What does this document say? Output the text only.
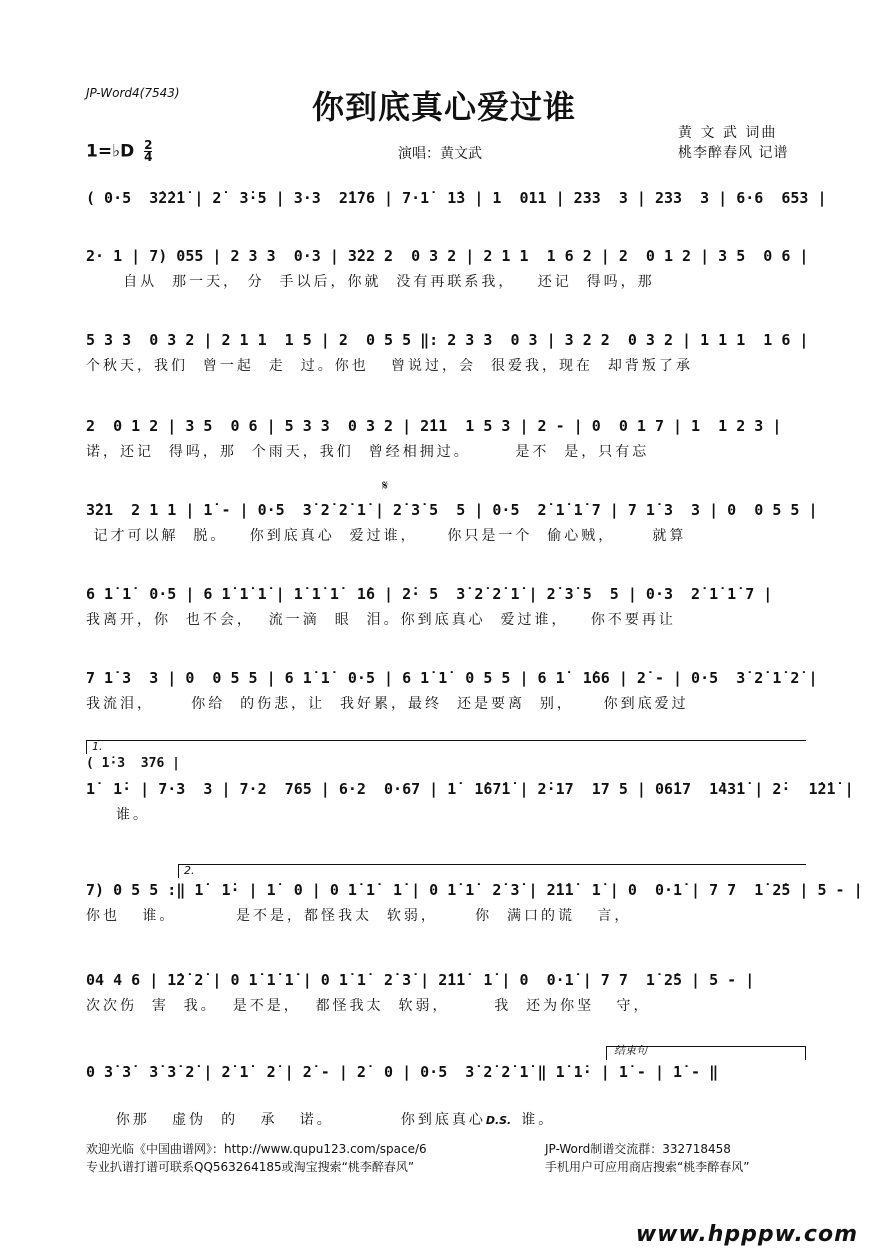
JP-Word4(7543)	你到底真心爱过谁
1=♭D $\frac{2}{4}$	演唱：黄文武
黄 文 武 词曲
桃李醉春风 记谱
( 0·5  3̇2̇2̇1̇ | 2̇  3̇·5 | 3·3  2̇1̇76 | 7·1̇  1̇3 | 1  011 | 233  3 | 233  3 | 6·6  653 |
2· 1 | 7) 055 | 2 3 3  0·3 | 3̇22 2  0 3 2 | 2 1 1  1 6 2 | 2  0 1 2 | 3 5  0 6 |
自从  那一天， 分  手以后，你就  没有再联系我，   还记  得吗，那
5 3 3  0 3 2 | 2 1 1  1 5 | 2  0 5 5 ‖: 2 3 3  0 3 | 3 2 2  0 3 2 | 1 1 1  1 6 |
个秋天，我们  曾一起  走  过。你也   曾说过，会  很爱我，现在  却背叛了承
2  0 1 2 | 3 5  0 6 | 5 3 3  0 3 2 | 2̇11  1 5 3 | 2 - | 0  0 1 7 | 1  1 2 3 |
诺，还记  得吗，那  个雨天，我们  曾经相拥过。      是不  是，只有忘
𝄋
3̇21  2 1 1 | 1̇ - | 0·5  3̇ 2̇ 2̇ 1̇ | 2̇ 3̇ 5  5 | 0·5  2̇ 1̇ 1̇ 7 | 7 1̇ 3  3 | 0  0 5 5 |
记才可以解  脱。   你到底真心  爱过谁，    你只是一个  偷心贼，     就算
6 1̇ 1̇  0·5 | 6 1̇ 1̇ 1̇ | 1̇ 1̇ 1̇  1̇6 | 2̇· 5  3̇ 2̇ 2̇ 1̇ | 2̇ 3̇ 5  5 | 0·3  2̇ 1̇ 1̇ 7 |
我离开，你  也不会，  流一滴  眼  泪。你到底真心  爱过谁，   你不要再让
7 1̇ 3  3 | 0  0 5 5 | 6 1̇ 1̇  0·5 | 6 1̇ 1̇  0 5 5 | 6 1̇  1̇66 | 2̇ - | 0·5  3̇ 2̇ 1̇ 2̇ |
我流泪，     你给  的伤悲，让  我好累，最终  还是要离  别，    你到底爱过
1.
( 1̇·3  376 |
1̇  1̇· | 7·3  3 | 7·2  765 | 6·2  0·67 | 1̇  1̇67̇1̇ | 2̇·17  17 5 | 06̇17  1̇43̇1̇ | 2̇·  1̇2̇1̇ |
谁。
2.
7) 0 5 5 :‖ 1̇  1̇· | 1̇  0 | 0 1̇ 1̇  1̇ | 0 1̇ 1̇  2̇ 3̇ | 2̇1̇1̇  1̇ | 0  0·1̇ | 7 7  1̇ 2̇5 | 5 - |
你也   谁。        是不是，都怪我太  软弱，     你  满口的谎   言，
04 4 6 | 1̇2̇ 2̇ | 0 1̇ 1̇ 1̇ | 0 1̇ 1̇  2̇ 3̇ | 2̇1̇1̇  1̇ | 0  0·1̇ | 7 7  1̇ 2̇5 | 5 - |
次次伤  害  我。  是不是，  都怪我太  软弱，      我  还为你坚   守，
结束句
0 3̇ 3̇  3̇ 3̇ 2̇ | 2̇ 1̇  2̇ | 2̇ - | 2̇  0 | 0·5  3̇ 2̇ 2̇ 1̇ ‖ 1̇ 1̇· | 1̇ - | 1̇ - ‖

你那   虚伪  的   承   诺。         你到底真心D.S. 谁。

欢迎光临《中国曲谱网》：http://www.qupu123.com/space/6
专业扒谱打谱可联系QQ563264185或淘宝搜索“桃李醉春风”
JP-Word制谱交流群：332718458
手机用户可应用商店搜索“桃李醉春风”
www.hpppw.com
